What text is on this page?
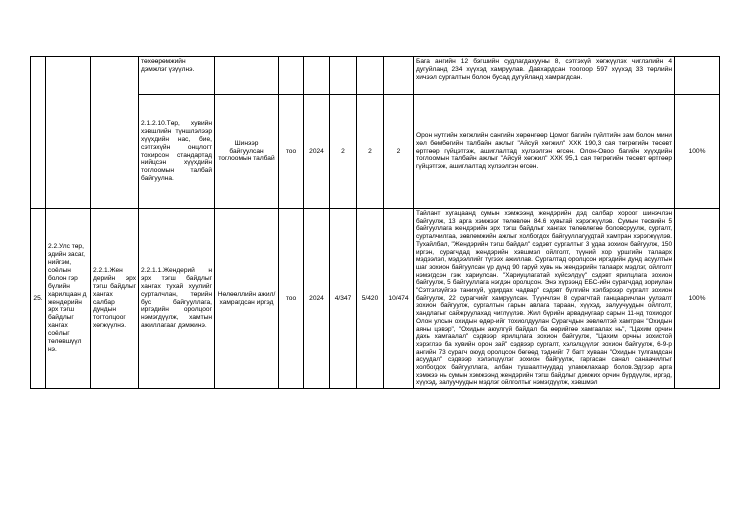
			төхөөрөмжийн дэмжлэг үзүүлнэ.							Бага ангийн 12 бэгшийн судлагдахууны 8, сэтгэхүй хөгжүүлэх чиглэлийн 4 дугуйланд 234 хүүхэд хамруулав. Давхардсан тоогоор 597 хүүхэд 33 төрлийн хичээл сургалтын болон бусад дугуйланд хамрагдсан.	
			2.1.2.10.Төр, хувийн хэвшлийн түншлэлээр хүүхдийн нас, бие, сэтгэхүйн онцлогт тохирсон стандартад нийцсэн хүүхдийн тоглоомын талбай байгуулна.	Шинээр байгуулсан тоглоомын талбай	тоо	2024	2	2	2	Орон нутгийн хөгжлийн сангийн хөрөнгөөр Цомог багийн гүйлтийн зам болон мини хөл бөмбөгийн талбайн ажлыг "Айсуй хөгжил" ХХК 190,3 сая төгрөгийн төсөвт өртгөөр гүйцэтгэж, ашиглалтад хүлээлгэн өгсөн. Олон-Овоо багийн хүүхдийн тоглоомын талбайн ажлыг "Айсуй хөгжил" ХХК 95,1 сая төгрөгийн төсөвт өртгөөр гүйцэтгэж, ашиглалтад хүлээлгэн өгсөн.	100%
25.	2.2.Улс төр, эдийн засаг, нийгэм, соёлын болон гэр бүлийн харилцаан д жендерийн эрх тэгш байдлыг хангах соёлыг төлөвшүүл нэ.	2.2.1.Жен дерийн эрх тэгш байдлыг хангах салбар дундын тогтолцоог хөгжүүлнэ.	2.2.1.1.Жендерий н эрх тэгш байдлыг хангах тухай хуулийг сурталчлан, төрийн бус байгууллага, иргэдийн оролцоог нэмэгдүүлж, хамтын ажиллагааг дэмжинэ.	Нөлөөллийн ажил/ хамрагдсан иргэд	тоо	2024	4/347	5/420	10/474	Тайлант хугацаанд сумын хэмжээнд жендэрийн дэд салбар хороог шинэчлэн байгуулж, 13 арга хэмжээг төлөвлөн 84.6 хувьтай хэрэгжүүлэв. Сумын төсвийн 5 байгууллага жендэрийн эрх тэгш байдлыг хангах төлөвлөгөө боловсруулж, сургалт, сурталчилгаа, зөвлөмжийн ажлыг холбогдох байгууллагуудтай хамтран хэрэгжүүлэв. Тухайлбал, "Жендэрийн тэгш байдал" сэдэвт сургалтыг 3 удаа зохион байгуулж, 150 иргэн, сурагчдад жендэрийн хэвшмэл ойлголт, түүний хор уршгийн талаарх мэдээлэл, мэдээллийг түгээх ажиллав. Сургалтад оролцсон иргэдийн дунд асуултын шаг зохион байгуулсан үр дүнд 90 гаруй хувь нь жендэрийн талаарх мэдлэг, ойлголт нэмэгдсэн гэж хариулсан. "Хариуцлагатай хүйсэлдүү" сэдэвт ярилцлага зохион байгуулж, 5 байгууллага нэгдэн оролцсон. Энэ хүрээнд ЕБС-ийн сурагчдад зориулан "Сэтгэлзүйгээ танихуй, удирдах чадвар" сэдэвт бүлгийн хэлбэрээр сургалт зохион байгуулж, 22 сурагчийг хамруулсан. Түүнчлэн 8 сурагчтай ганцааричлан уулзалт зохион байгуулж, сургалтын гарын авлага тараан, хүүхэд, залуучуудын ойлголт, хандлагыг сайжруулахад чиглүүлэв. Жил бүрийн арваднугаар сарын 11-нд тохиодог Олон улсын охидын өдөр-ийг тохиолдуулан Сурагчдын зөвлөлтэй хамтран "Охидын аяны цэвэр", "Охидын аюулгүй байдал ба өөрийгөө хамгаалах нь", "Цахим орчин дахь хамгаалал" сэдвээр ярилцлага зохион байгуулж, "Цахим орчны зохистой хэрэглээ ба хувийн орон зай" сэдвээр сургалт, хэлэлцүүлэг зохион байгуулж, 6-9-р ангийн 73 сурагч оюуд оролцсон бөгөөд тэднийг 7 багт хуваан "Охидын тулгамдсан асуудал" сэдвээр хэлэлцүүлэг зохион байгуулж, гаргасан санал санаачилгыг холбогдох байгууллага, албан тушаалтнуудад уламжлахаар болов.Эдгээр арга хэмжээ нь сумын хэмжээнд жендэрийн тэгш байдлыг дэмжих орчин бүрдүүлж, иргэд, хүүхэд, залуучуудын мэдлэг ойлголтыг нэмэгдүүлж, хэвшмэл	100%
